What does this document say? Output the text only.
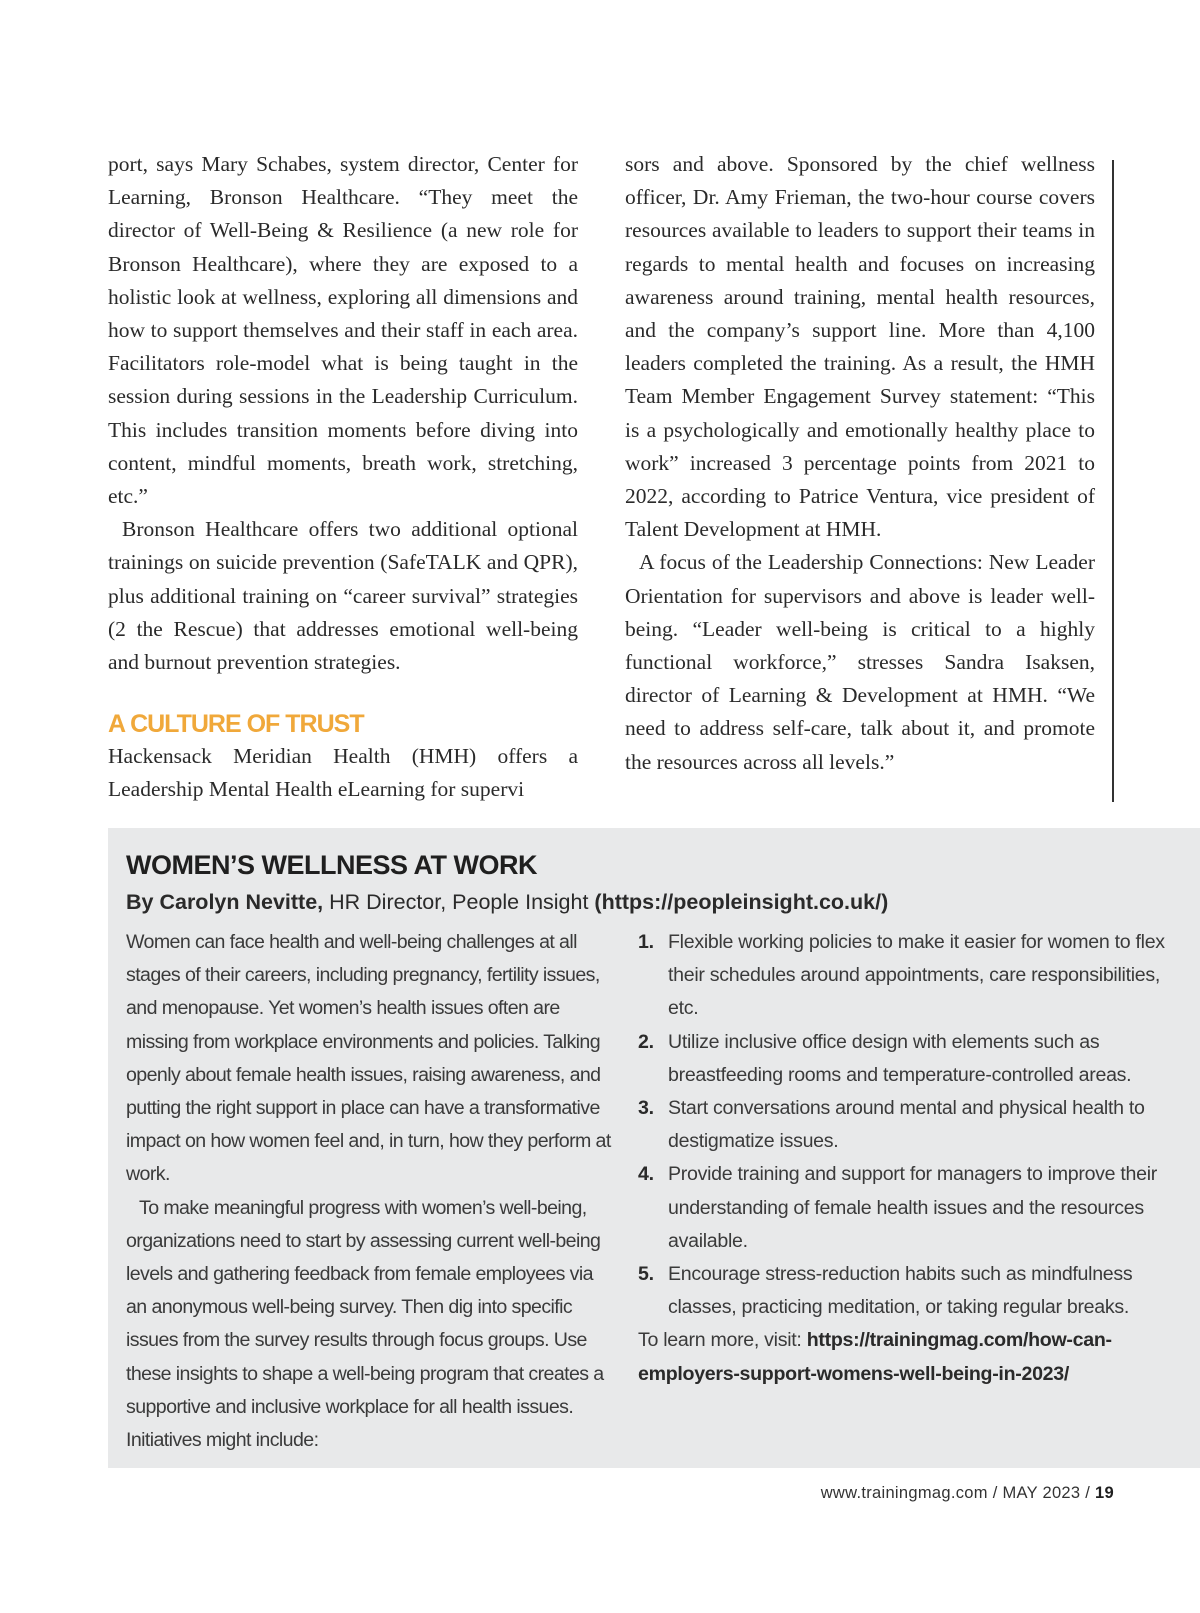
port, says Mary Schabes, system director, Center for Learning, Bronson Healthcare. “They meet the director of Well-Being & Resilience (a new role for Bronson Healthcare), where they are exposed to a holistic look at wellness, exploring all dimensions and how to support themselves and their staff in each area. Facilitators role-model what is being taught in the session during sessions in the Leadership Curriculum. This includes transition moments before diving into content, mindful moments, breath work, stretching, etc.”

Bronson Healthcare offers two additional optional trainings on suicide prevention (SafeTALK and QPR), plus additional training on “career survival” strategies (2 the Rescue) that addresses emotional well-being and burnout prevention strategies.

A CULTURE OF TRUST

Hackensack Meridian Health (HMH) offers a Leadership Mental Health eLearning for supervi

sors and above. Sponsored by the chief wellness officer, Dr. Amy Frieman, the two-hour course covers resources available to leaders to support their teams in regards to mental health and focuses on increasing awareness around training, mental health resources, and the company’s support line. More than 4,100 leaders completed the training. As a result, the HMH Team Member Engagement Survey statement: “This is a psychologically and emotionally healthy place to work” increased 3 percentage points from 2021 to 2022, according to Patrice Ventura, vice president of Talent Development at HMH.

A focus of the Leadership Connections: New Leader Orientation for supervisors and above is leader well-being. “Leader well-being is critical to a highly functional workforce,” stresses Sandra Isaksen, director of Learning & Development at HMH. “We need to address self-care, talk about it, and promote the resources across all levels.”

WOMEN’S WELLNESS AT WORK
By Carolyn Nevitte, HR Director, People Insight (https://peopleinsight.co.uk/)

Women can face health and well-being challenges at all stages of their careers, including pregnancy, fertility issues, and menopause. Yet women’s health issues often are missing from workplace environments and policies. Talking openly about female health issues, raising awareness, and putting the right support in place can have a transformative impact on how women feel and, in turn, how they perform at work.

To make meaningful progress with women’s well-being, organizations need to start by assessing current well-being levels and gathering feedback from female employees via an anonymous well-being survey. Then dig into specific issues from the survey results through focus groups. Use these insights to shape a well-being program that creates a supportive and inclusive workplace for all health issues. Initiatives might include:

1. Flexible working policies to make it easier for women to flex their schedules around appointments, care responsibilities, etc.
2. Utilize inclusive office design with elements such as breastfeeding rooms and temperature-controlled areas.
3. Start conversations around mental and physical health to destigmatize issues.
4. Provide training and support for managers to improve their understanding of female health issues and the resources available.
5. Encourage stress-reduction habits such as mindfulness classes, practicing meditation, or taking regular breaks.

To learn more, visit: https://trainingmag.com/how-can-employers-support-womens-well-being-in-2023/

www.trainingmag.com / MAY 2023 / 19
